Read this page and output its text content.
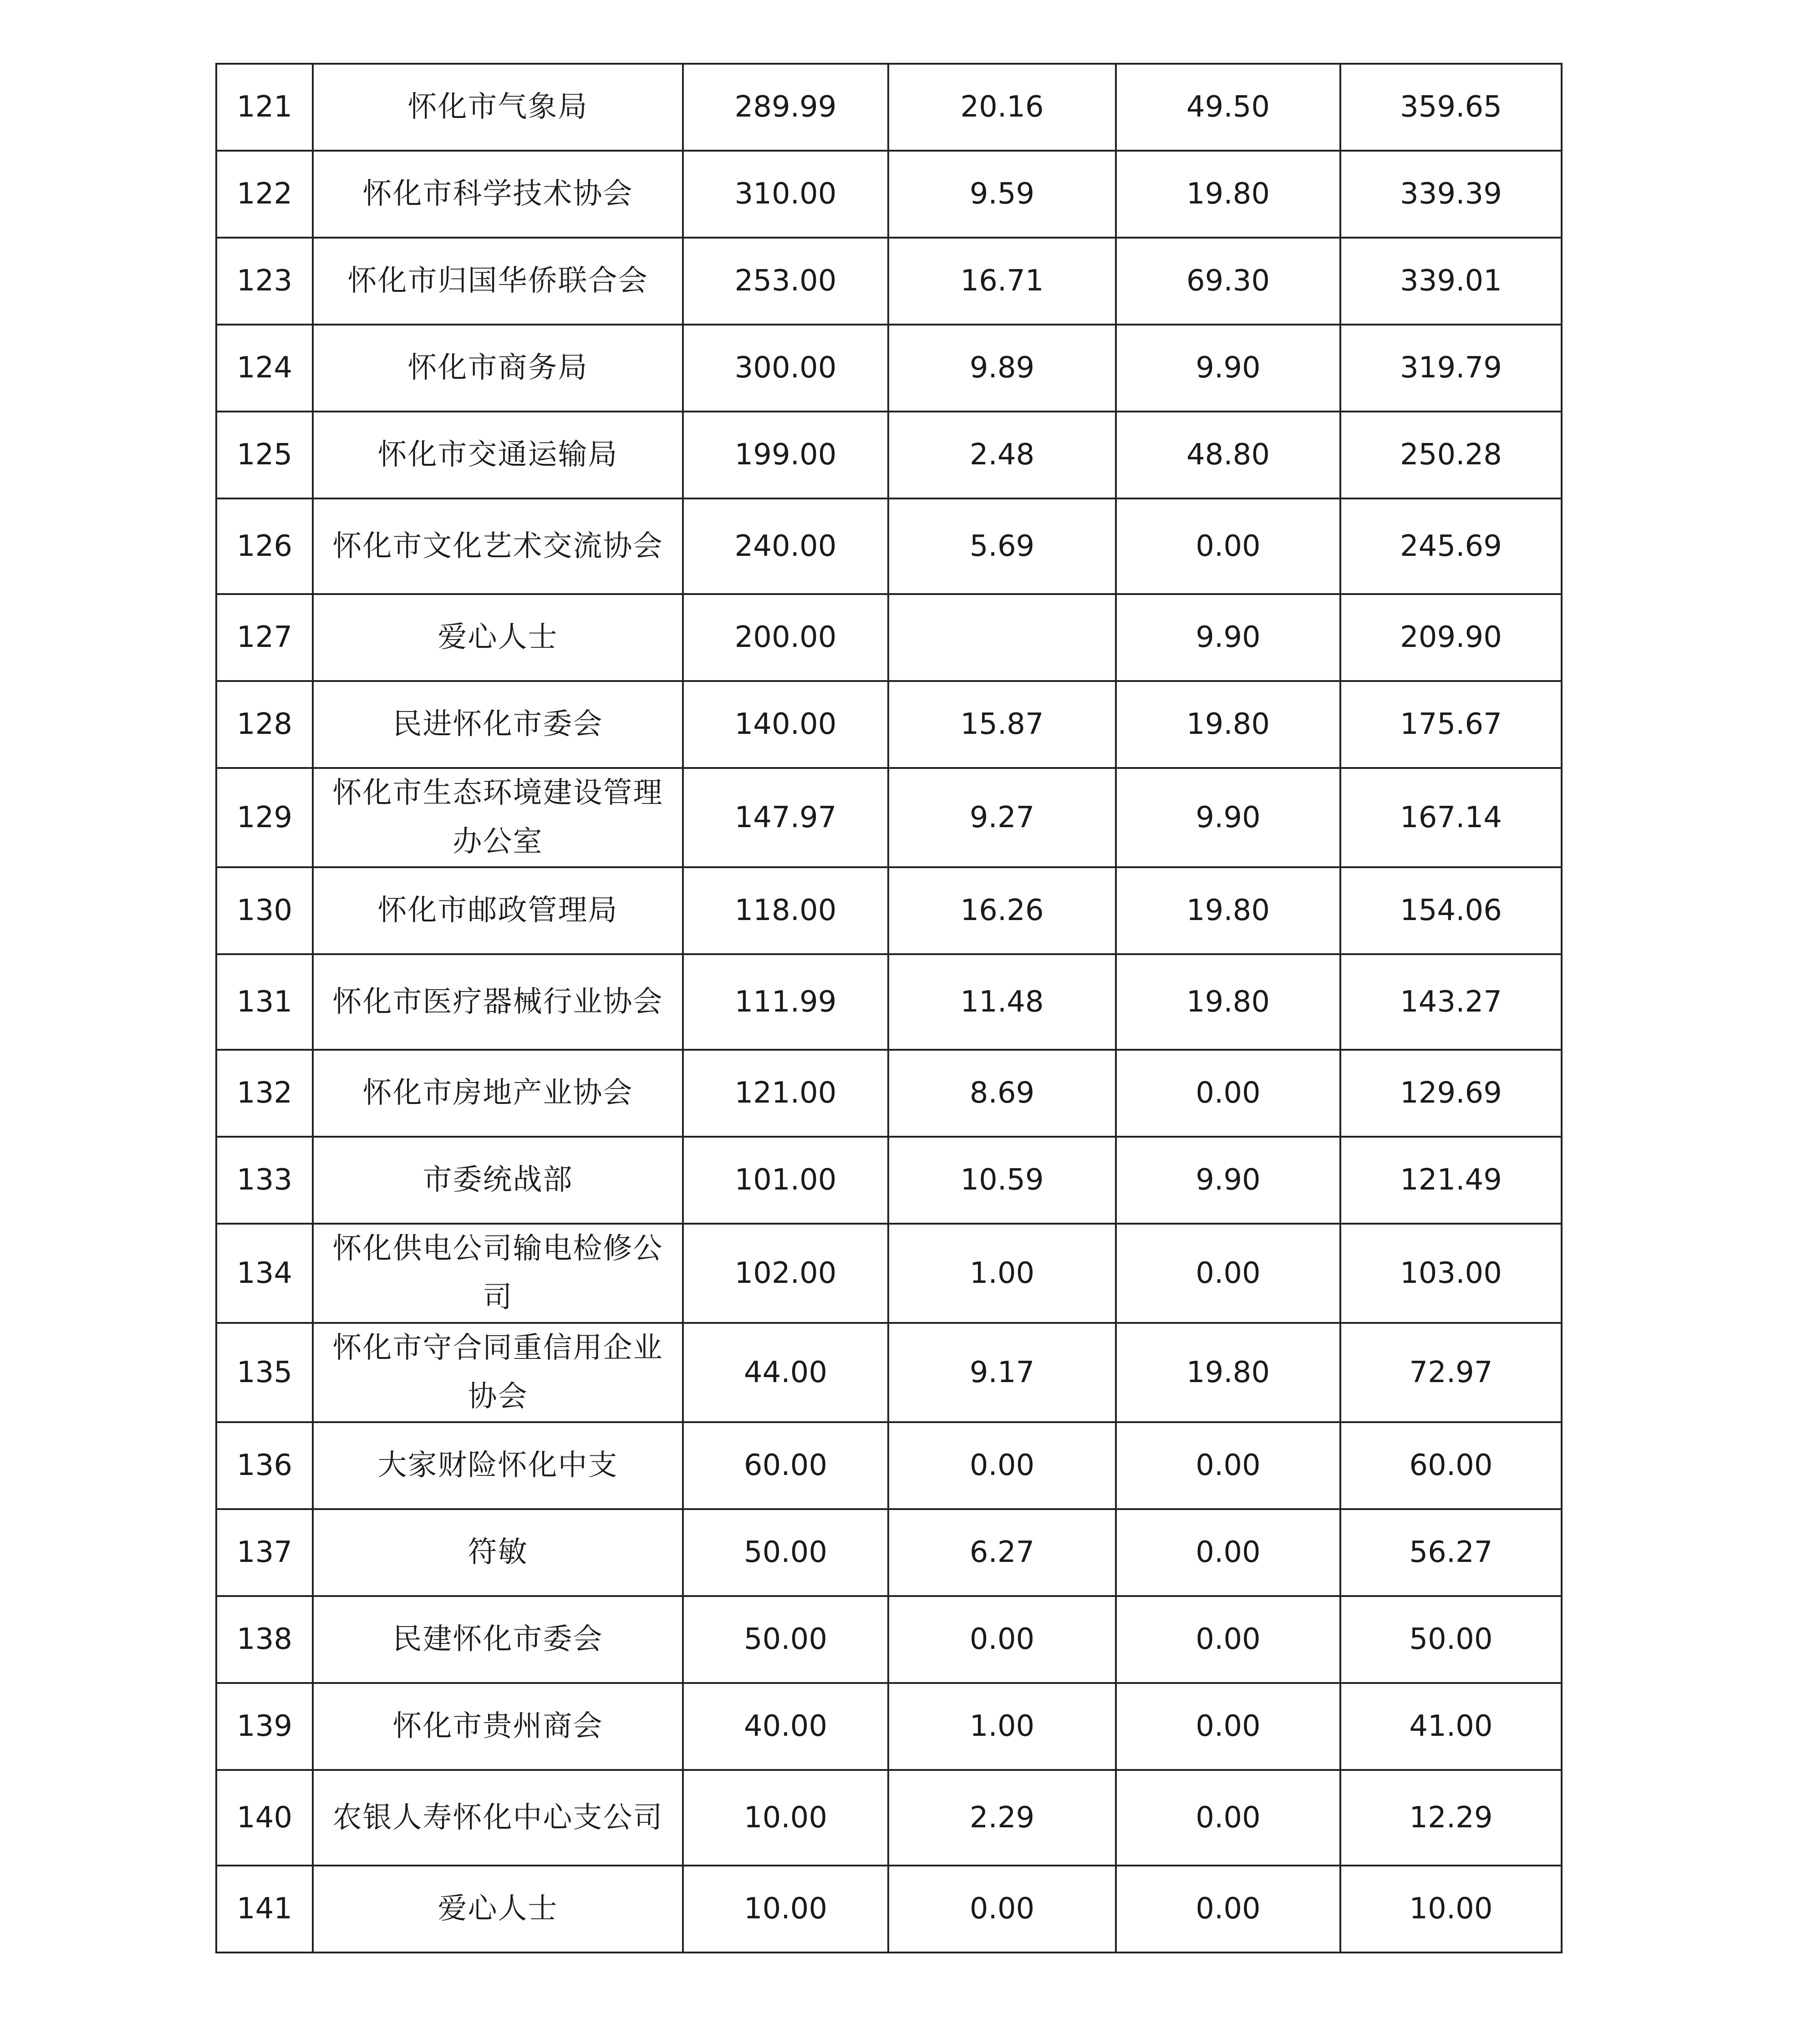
121	怀化市气象局	289.99	20.16	49.50	359.65
122	怀化市科学技术协会	310.00	9.59	19.80	339.39
123	怀化市归国华侨联合会	253.00	16.71	69.30	339.01
124	怀化市商务局	300.00	9.89	9.90	319.79
125	怀化市交通运输局	199.00	2.48	48.80	250.28
126	怀化市文化艺术交流协会	240.00	5.69	0.00	245.69
127	爱心人士	200.00		9.90	209.90
128	民进怀化市委会	140.00	15.87	19.80	175.67
129	怀化市生态环境建设管理办公室	147.97	9.27	9.90	167.14
130	怀化市邮政管理局	118.00	16.26	19.80	154.06
131	怀化市医疗器械行业协会	111.99	11.48	19.80	143.27
132	怀化市房地产业协会	121.00	8.69	0.00	129.69
133	市委统战部	101.00	10.59	9.90	121.49
134	怀化供电公司输电检修公司	102.00	1.00	0.00	103.00
135	怀化市守合同重信用企业协会	44.00	9.17	19.80	72.97
136	大家财险怀化中支	60.00	0.00	0.00	60.00
137	符敏	50.00	6.27	0.00	56.27
138	民建怀化市委会	50.00	0.00	0.00	50.00
139	怀化市贵州商会	40.00	1.00	0.00	41.00
140	农银人寿怀化中心支公司	10.00	2.29	0.00	12.29
141	爱心人士	10.00	0.00	0.00	10.00
